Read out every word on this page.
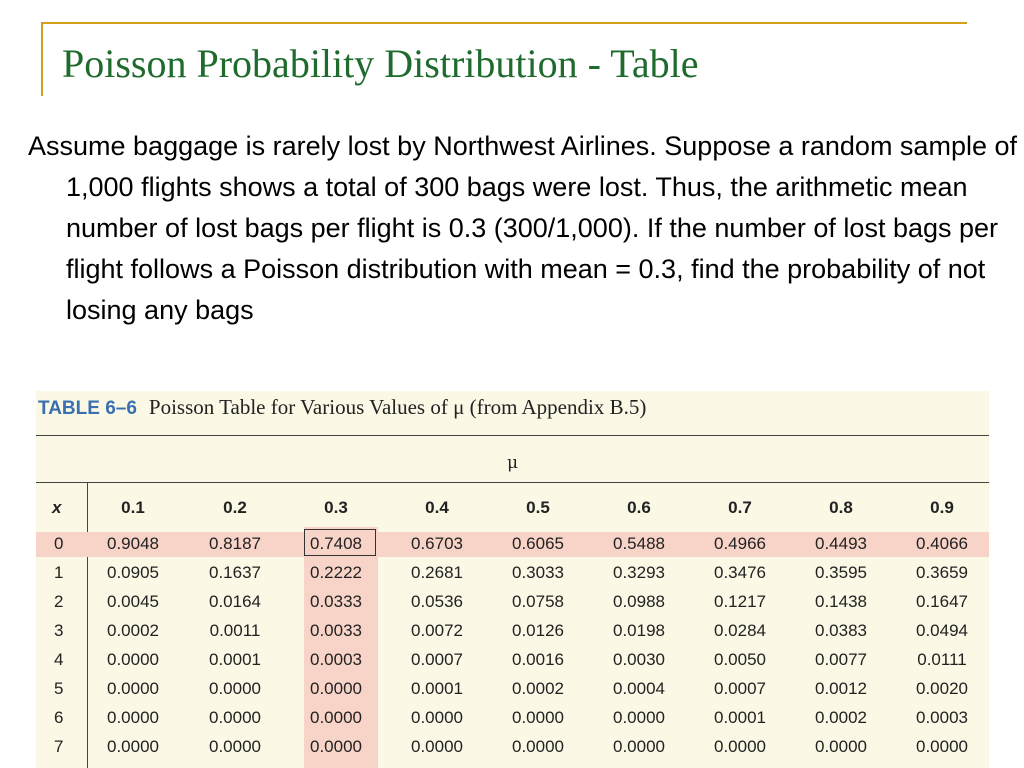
Poisson Probability Distribution - Table

Assume baggage is rarely lost by Northwest Airlines. Suppose a random sample of 1,000 flights shows a total of 300 bags were lost. Thus, the arithmetic mean number of lost bags per flight is 0.3 (300/1,000). If the number of lost bags per flight follows a Poisson distribution with mean = 0.3, find the probability of not losing any bags

TABLE 6–6 Poisson Table for Various Values of μ (from Appendix B.5)
μ
x	0.1	0.2	0.3	0.4	0.5	0.6	0.7	0.8	0.9
0	0.9048	0.8187	0.7408	0.6703	0.6065	0.5488	0.4966	0.4493	0.4066
1	0.0905	0.1637	0.2222	0.2681	0.3033	0.3293	0.3476	0.3595	0.3659
2	0.0045	0.0164	0.0333	0.0536	0.0758	0.0988	0.1217	0.1438	0.1647
3	0.0002	0.0011	0.0033	0.0072	0.0126	0.0198	0.0284	0.0383	0.0494
4	0.0000	0.0001	0.0003	0.0007	0.0016	0.0030	0.0050	0.0077	0.0111
5	0.0000	0.0000	0.0000	0.0001	0.0002	0.0004	0.0007	0.0012	0.0020
6	0.0000	0.0000	0.0000	0.0000	0.0000	0.0000	0.0001	0.0002	0.0003
7	0.0000	0.0000	0.0000	0.0000	0.0000	0.0000	0.0000	0.0000	0.0000
